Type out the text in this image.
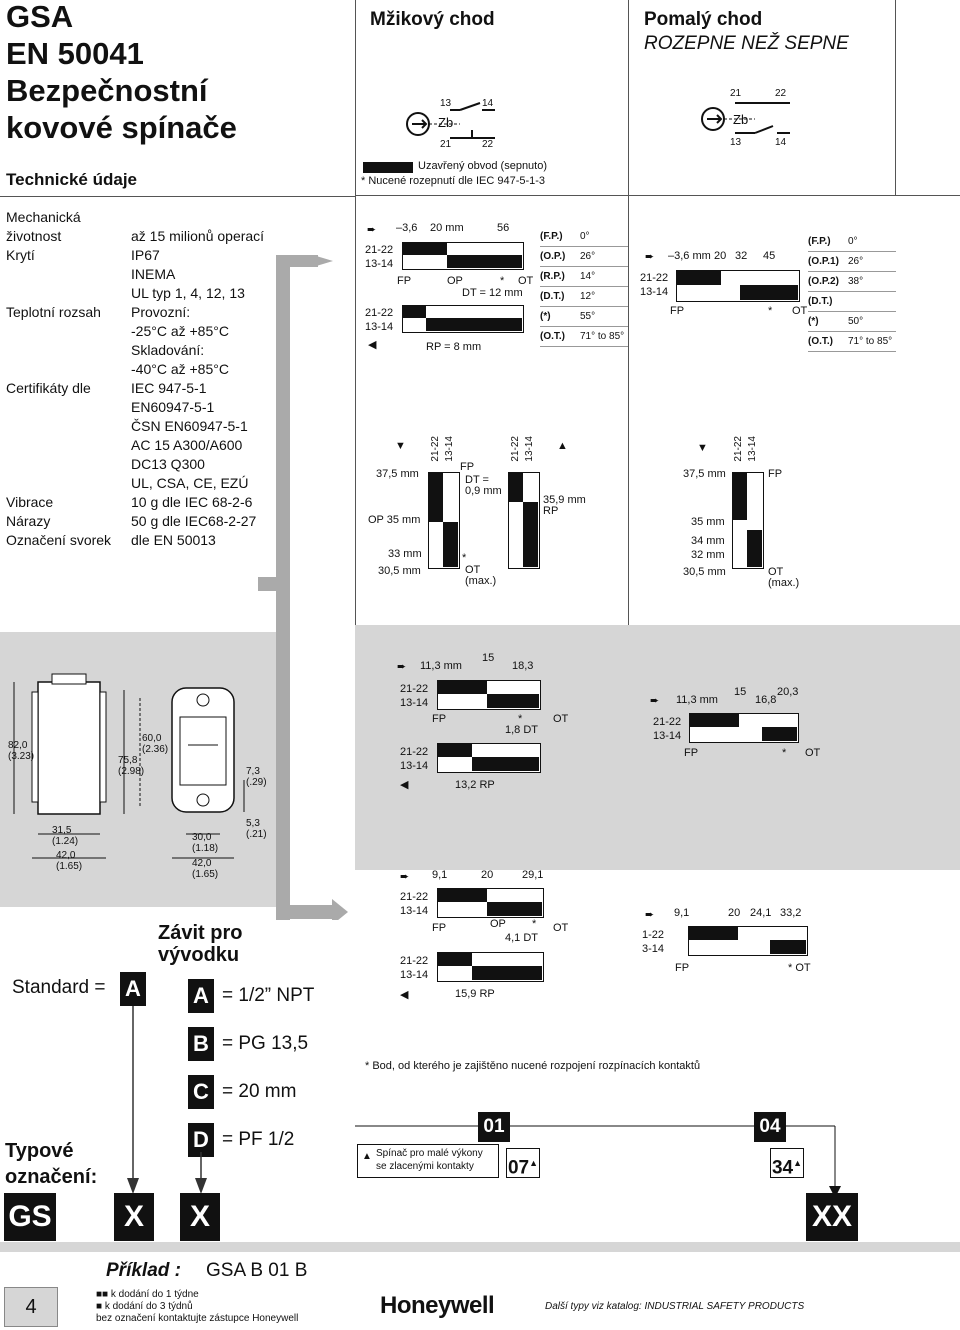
GSA
EN 50041
Bezpečnostní
kovové spínače
Technické údaje
Mechanická
životnost	až 15 milionů operací
Krytí	IP67
INEMA
UL typ 1, 4, 12, 13
Teplotní rozsah	Provozní:
-25°C až +85°C
Skladování:
-40°C až +85°C
Certifikáty dle	IEC 947-5-1
EN60947-5-1
ČSN EN60947-5-1
AC 15 A300/A600
DC13 Q300
UL, CSA, CE, EZÚ
Vibrace	10 g dle IEC 68-2-6
Nárazy	50 g dle IEC68-2-27
Označení svorek	dle EN 50013
Mžikový chod	Pomalý chod
ROZEPNE NEŽ SEPNE
13	14
21	22
Zb
21	22
13	14
Zb
Uzavřený obvod (sepnuto)
* Nucené rozepnutí dle IEC 947-5-1-3
➨ –3,6 20 mm	56
21-22
13-14
FP	OP	* OT
DT = 12 mm
21-22
13-14
◀	RP = 8 mm
(F.P.)	0°
(O.P.)	26°
(R.P.)	14°
(D.T.)	12°
(*)	55°
(O.T.)	71° to 85°
➨ –3,6 mm 20 32 45
21-22
13-14
FP	* OT
(F.P.)	0°
(O.P.1) 26°
(O.P.2) 38°
(D.T.)
(*)	50°
(O.T.)	71° to 85°
▼
37,5 mm
OP 35 mm
33 mm
30,5 mm
21-22 13-14
FP
DT =
0,9 mm
*
OT
(max.)
21-22 13-14 ▲
35,9 mm
RP
▼
37,5 mm
35 mm
34 mm
32 mm
30,5 mm
21-22 13-14
FP
OT
(max.)
➨ 11,3 mm
15
18,3
21-22
13-14
FP	*	OT
1,8 DT
21-22
13-14
◀	13,2 RP
➨ 11,3 mm
15
16,8
20,3
21-22
13-14
FP	* OT
82,0
(3.23)	75,8
(2.98)
60,0
(2.36)
7,3
(.29)
5,3
(.21)
31,5
(1.24)
42,0
(1.65)
30,0
(1.18)
42,0
(1.65)	➨ 9,1	20	29,1
21-22
13-14
FP	OP * OT
4,1 DT
21-22
13-14
◀	15,9 RP
➨ 9,1	20 24,1 33,2
1-22
3-14
FP	* OT
Závit pro
vývodku
Standard = A A = 1/2” NPT
B = PG 13,5
C = 20 mm
D = PF 1/2
* Bod, od kterého je zajištěno nucené rozpojení rozpínacích kontaktů
▲ Spínač pro malé výkony
se zlacenými kontakty
01
07▲
04
34▲
Typové
označení:
GS	X	X	XX
Příklad : GSA B 01 B
4
■■ k dodání do 1 týdne
■ k dodání do 3 týdnů
bez označení kontaktujte zástupce Honeywell	Honeywell	Další typy viz katalog: INDUSTRIAL SAFETY PRODUCTS
